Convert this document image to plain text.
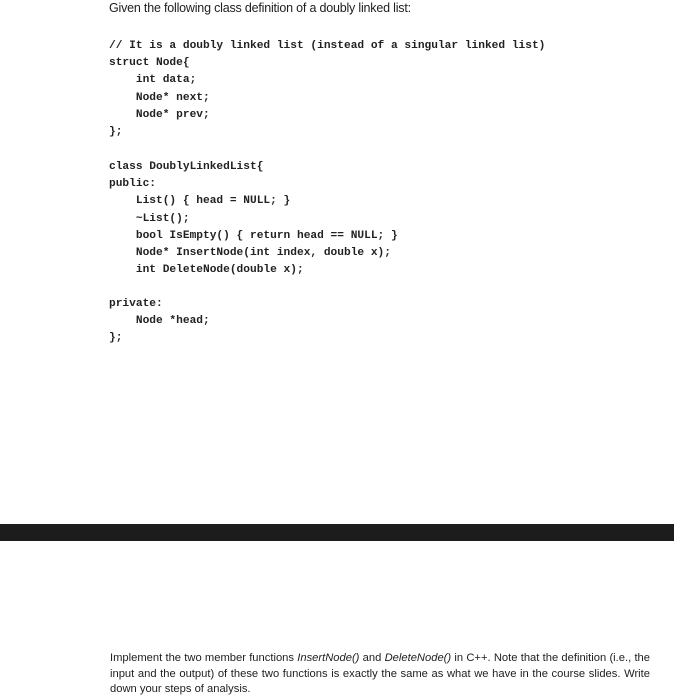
Given the following class definition of a doubly linked list:
// It is a doubly linked list (instead of a singular linked list)
struct Node{
int data;
Node* next;
Node* prev;
};
class DoublyLinkedList{
public:
List() { head = NULL; }
~List();
bool IsEmpty() { return head == NULL; }
Node* InsertNode(int index, double x);
int DeleteNode(double x);
private:
Node *head;
};
Implement the two member functions InsertNode() and DeleteNode() in C++. Note that the definition (i.e., the input and the output) of these two functions is exactly the same as what we have in the course slides. Write down your steps of analysis.
